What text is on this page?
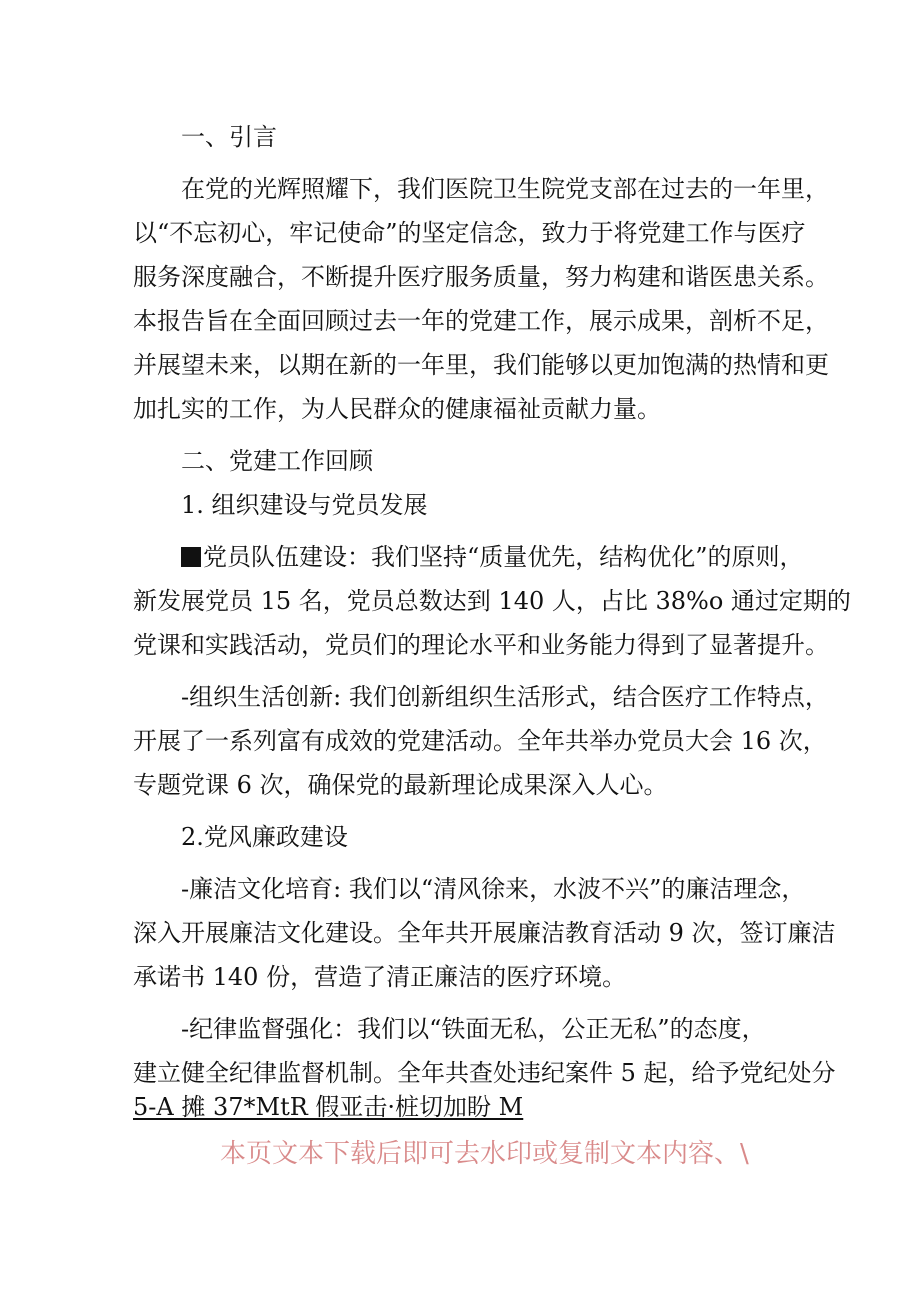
一、引言
在党的光辉照耀下，我们医院卫生院党支部在过去的一年里，
以“不忘初心，牢记使命”的坚定信念，致力于将党建工作与医疗
服务深度融合，不断提升医疗服务质量，努力构建和谐医患关系。
本报告旨在全面回顾过去一年的党建工作，展示成果，剖析不足，
并展望未来，以期在新的一年里，我们能够以更加饱满的热情和更
加扎实的工作，为人民群众的健康福祉贡献力量。
二、党建工作回顾
1. 组织建设与党员发展
党员队伍建设：我们坚持“质量优先，结构优化”的原则，
新发展党员 15 名，党员总数达到 140 人，占比 38%o 通过定期的
党课和实践活动，党员们的理论水平和业务能力得到了显著提升。
-组织生活创新: 我们创新组织生活形式，结合医疗工作特点，
开展了一系列富有成效的党建活动。全年共举办党员大会 16 次，
专题党课 6 次，确保党的最新理论成果深入人心。
2.党风廉政建设
-廉洁文化培育: 我们以“清风徐来，水波不兴”的廉洁理念，
深入开展廉洁文化建设。全年共开展廉洁教育活动 9 次，签订廉洁
承诺书 140 份，营造了清正廉洁的医疗环境。
-纪律监督强化：我们以“铁面无私，公正无私”的态度，
建立健全纪律监督机制。全年共查处违纪案件 5 起，给予党纪处分
5-A 摊 37*MtR 假亚击·桩切加盼 M
本页文本下载后即可去水印或复制文本内容、\
